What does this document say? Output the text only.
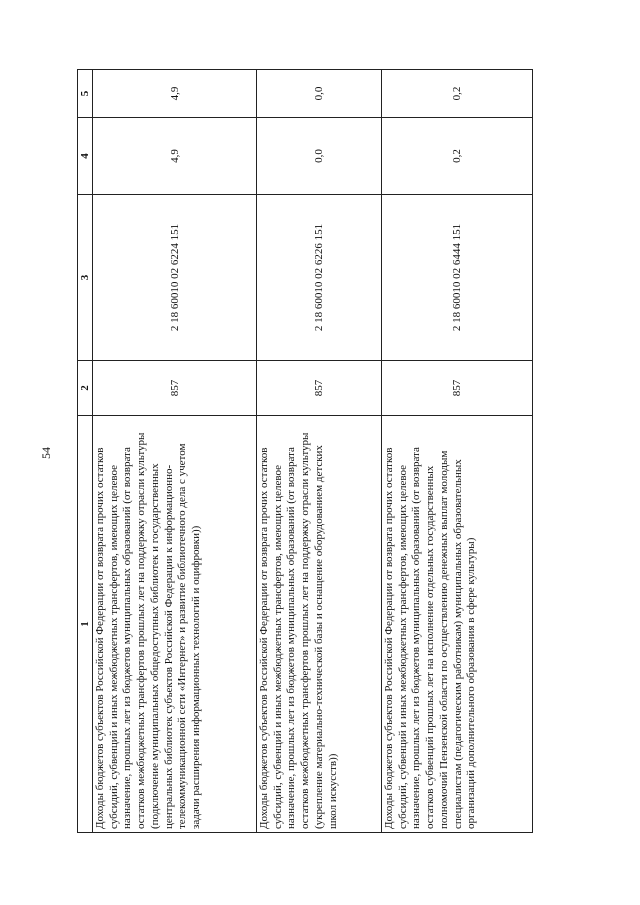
54
1	2	3	4	5
Доходы бюджетов субъектов Российской Федерации от возврата прочих остатков субсидий, субвенций и иных межбюджетных трансфертов, имеющих целевое назначение, прошлых лет из бюджетов муниципальных образований (от возврата остатков межбюджетных трансфертов прошлых лет на поддержку отрасли культуры (подключение муниципальных общедоступных библиотек и государственных центральных библиотек субъектов Российской Федерации к информационно-телекоммуникационной сети «Интернет» и развитие библиотечного дела с учетом задачи расширения информационных технологий и оцифровки))	857	2 18 60010 02 6224 151	4,9	4,9
Доходы бюджетов субъектов Российской Федерации от возврата прочих остатков субсидий, субвенций и иных межбюджетных трансфертов, имеющих целевое назначение, прошлых лет из бюджетов муниципальных образований (от возврата остатков межбюджетных трансфертов прошлых лет на поддержку отрасли культуры (укрепление материально-технической базы и оснащение оборудованием детских школ искусств))	857	2 18 60010 02 6226 151	0,0	0,0
Доходы бюджетов субъектов Российской Федерации от возврата прочих остатков субсидий, субвенций и иных межбюджетных трансфертов, имеющих целевое назначение, прошлых лет из бюджетов муниципальных образований (от возврата остатков субвенций прошлых лет на исполнение отдельных государственных полномочий Пензенской области по осуществлению денежных выплат молодым специалистам (педагогическим работникам) муниципальных образовательных организаций дополнительного образования в сфере культуры)	857	2 18 60010 02 6444 151	0,2	0,2
